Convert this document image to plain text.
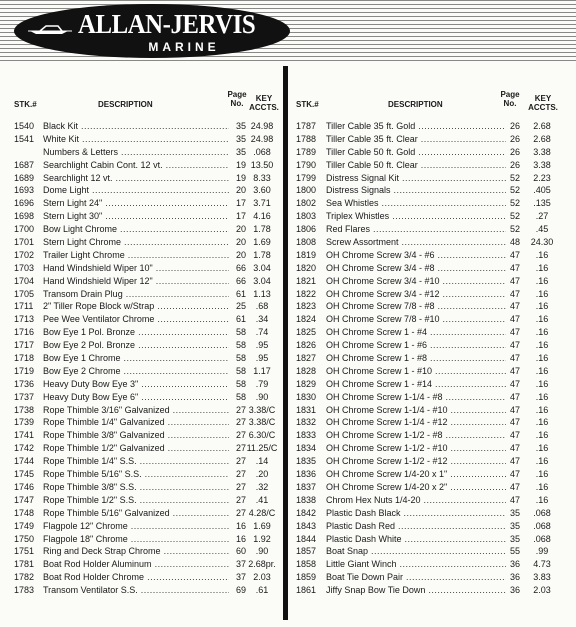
ALLAN-JERVIS
MARINE
STK.#	DESCRIPTION
Page
No.
KEY
ACCTS.
1540 Black Kit .....	35 24.98
1541 White Kit .....	35 24.98
Numbers & Letters .....	35 .068
1687 Searchlight Cabin Cont. 12 vt. .....	19 13.50
1689 Searchlight 12 vt. .....	19 8.33
1693 Dome Light .....	20 3.60
1696 Stern Light 24" .....	17 3.71
1698 Stern Light 30" .....	17 4.16
1700 Bow Light Chrome .....	20 1.78
1701 Stern Light Chrome .....	20 1.69
1702 Trailer Light Chrome .....	20 1.78
1703 Hand Windshield Wiper 10" .....	66 3.04
1704 Hand Windshield Wiper 12" .....	66 3.04
1705 Transom Drain Plug .....	61 1.13
1711	2" Tiller Rope Block w/Strap .....	25	.68
1713 Pee Wee Ventilator Chrome .....	61	.34
1716 Bow Eye 1 Pol. Bronze .....	58	.74
1717 Bow Eye 2 Pol. Bronze .....	58	.95
1718 Bow Eye 1 Chrome .....	58	.95
1719 Bow Eye 2 Chrome .....	58 1.17
1736 Heavy Duty Bow Eye 3" .....	58	.79
1737 Heavy Duty Bow Eye 6" .....	58	.90
1738 Rope Thimble 3/16" Galvanized .....	27 3.38/C
1739 Rope Thimble 1/4" Galvanized .....	27 3.38/C
1741 Rope Thimble 3/8" Galvanized .....	27 6.30/C
1742 Rope Thimble 1/2" Galvanized .....	27 11.25/C
1744 Rope Thimble 1/4" S.S. .....	27	.14
1745 Rope Thimble 5/16" S.S. .....	27	.20
1746 Rope Thimble 3/8" S.S. .....	27	.32
1747 Rope Thimble 1/2" S.S. .....	27	.41
1748 Rope Thimble 5/16" Galvanized .....	27 4.28/C
1749 Flagpole 12" Chrome .....	16 1.69
1750 Flagpole 18" Chrome .....	16 1.92
1751 Ring and Deck Strap Chrome .....	60	.90
1781 Boat Rod Holder Aluminum .....	37 2.68pr.
1782 Boat Rod Holder Chrome .....	37 2.03
1783 Transom Ventilator S.S. .....	69	.61
STK.#	DESCRIPTION
Page
No.
KEY
ACCTS.
1787	Tiller Cable 35 ft. Gold .....	26	2.68
1788	Tiller Cable 35 ft. Clear .....	26	2.68
1789	Tiller Cable 50 ft. Gold .....	26	3.38
1790	Tiller Cable 50 ft. Clear .....	26	3.38
1799	Distress Signal Kit .....	52	2.23
1800	Distress Signals .....	52	.405
1802	Sea Whistles .....	52	.135
1803	Triplex Whistles .....	52	.27
1806	Red Flares .....	52	.45
1808	Screw Assortment .....	48	24.30
1819	OH Chrome Screw 3/4 - #6 .....	47	.16
1820	OH Chrome Screw 3/4 - #8 .....	47	.16
1821	OH Chrome Screw 3/4 - #10 .....	47	.16
1822	OH Chrome Screw 3/4 - #12 .....	47	.16
1823	OH Chrome Screw 7/8 - #8 .....	47	.16
1824	OH Chrome Screw 7/8 - #10 .....	47	.16
1825	OH Chrome Screw 1 - #4 .....	47	.16
1826	OH Chrome Screw 1 - #6 .....	47	.16
1827	OH Chrome Screw 1 - #8 .....	47	.16
1828	OH Chrome Screw 1 - #10 .....	47	.16
1829	OH Chrome Screw 1 - #14 .....	47	.16
1830	OH Chrome Screw 1-1/4 - #8 .....	47	.16
1831	OH Chrome Screw 1-1/4 - #10 .....	47	.16
1832	OH Chrome Screw 1-1/4 - #12 .....	47	.16
1833	OH Chrome Screw 1-1/2 - #8 .....	47	.16
1834	OH Chrome Screw 1-1/2 - #10 .....	47	.16
1835	OH Chrome Screw 1-1/2 - #12 .....	47	.16
1836	OH Chrome Screw 1/4-20 x 1" .....	47	.16
1837	OH Chrome Screw 1/4-20 x 2" .....	47	.16
1838	Chrom Hex Nuts 1/4-20 .....	47	.16
1842	Plastic Dash Black .....	35	.068
1843	Plastic Dash Red .....	35	.068
1844	Plastic Dash White .....	35	.068
1857	Boat Snap .....	55	.99
1858	Little Giant Winch .....	36	4.73
1859	Boat Tie Down Pair .....	36	3.83
1861	Jiffy Snap Bow Tie Down .....	36	2.03
